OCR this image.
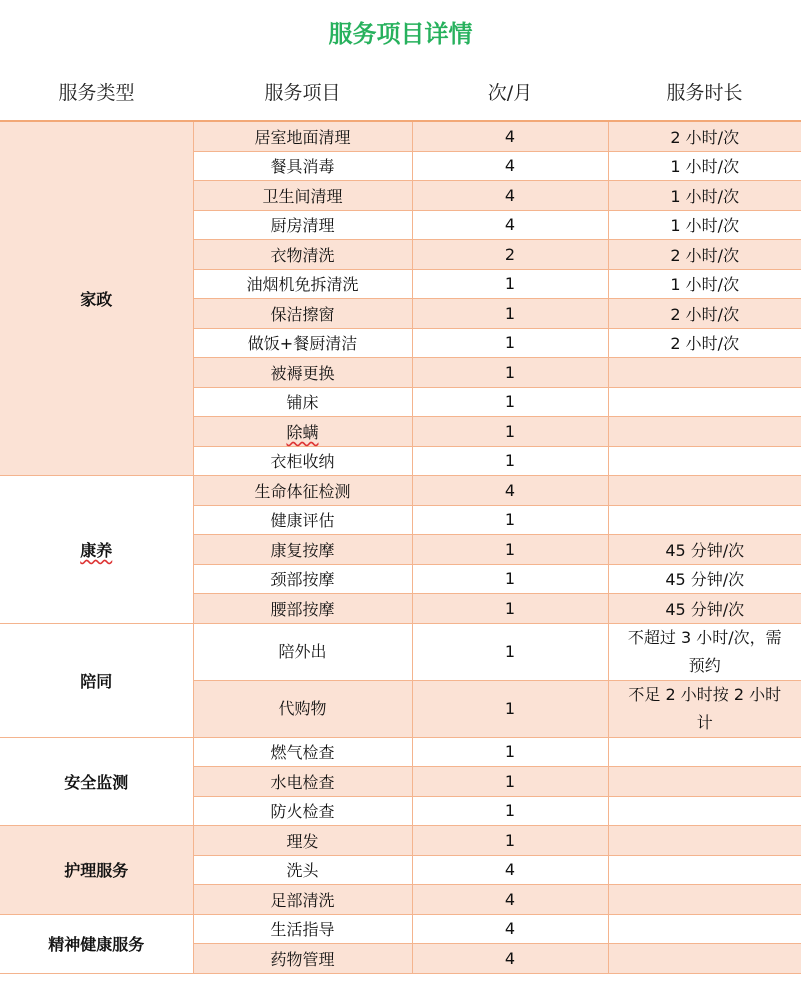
服务项目详情
服务类型	服务项目	次/月	服务时长
家政	居室地面清理	4	2 小时/次
	餐具消毒	4	1 小时/次
	卫生间清理	4	1 小时/次
	厨房清理	4	1 小时/次
	衣物清洗	2	2 小时/次
	油烟机免拆清洗	1	1 小时/次
	保洁擦窗	1	2 小时/次
	做饭+餐厨清洁	1	2 小时/次
	被褥更换	1	
	铺床	1	
	除螨	1	
	衣柜收纳	1	
康养	生命体征检测	4	
	健康评估	1	
	康复按摩	1	45 分钟/次
	颈部按摩	1	45 分钟/次
	腰部按摩	1	45 分钟/次
陪同	陪外出	1	不超过 3 小时/次，需预约
	代购物	1	不足 2 小时按 2 小时计
安全监测	燃气检查	1	
	水电检查	1	
	防火检查	1	
护理服务	理发	1	
	洗头	4	
	足部清洗	4	
精神健康服务	生活指导	4	
	药物管理	4	
